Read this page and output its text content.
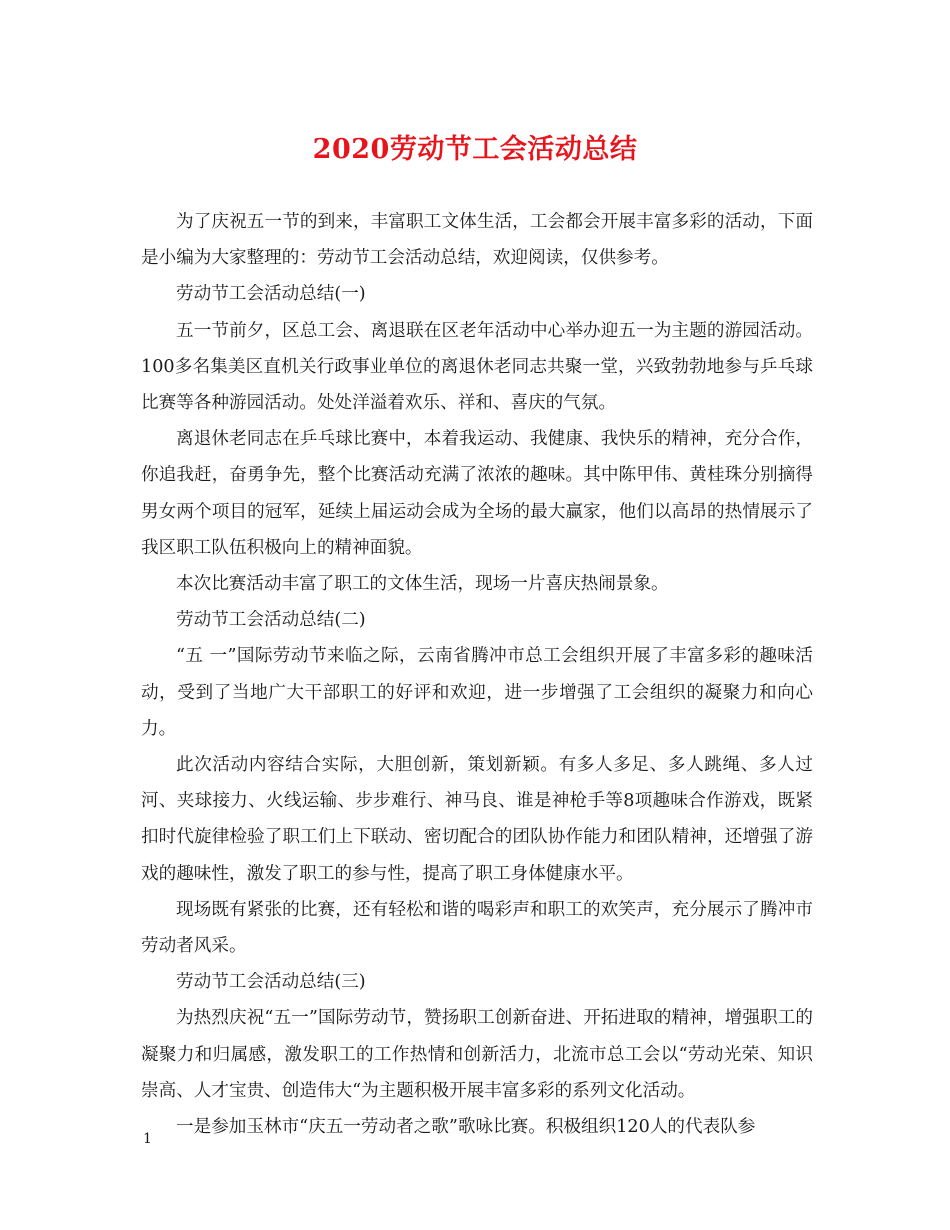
2020劳动节工会活动总结

为了庆祝五一节的到来，丰富职工文体生活，工会都会开展丰富多彩的活动，下面是小编为大家整理的：劳动节工会活动总结，欢迎阅读，仅供参考。

劳动节工会活动总结(一)

五一节前夕，区总工会、离退联在区老年活动中心举办迎五一为主题的游园活动。100多名集美区直机关行政事业单位的离退休老同志共聚一堂，兴致勃勃地参与乒乓球比赛等各种游园活动。处处洋溢着欢乐、祥和、喜庆的气氛。

离退休老同志在乒乓球比赛中，本着我运动、我健康、我快乐的精神，充分合作，你追我赶，奋勇争先，整个比赛活动充满了浓浓的趣味。其中陈甲伟、黄桂珠分别摘得男女两个项目的冠军，延续上届运动会成为全场的最大赢家，他们以高昂的热情展示了我区职工队伍积极向上的精神面貌。

本次比赛活动丰富了职工的文体生活，现场一片喜庆热闹景象。

劳动节工会活动总结(二)

“五 一”国际劳动节来临之际，云南省腾冲市总工会组织开展了丰富多彩的趣味活动，受到了当地广大干部职工的好评和欢迎，进一步增强了工会组织的凝聚力和向心力。

此次活动内容结合实际，大胆创新，策划新颖。有多人多足、多人跳绳、多人过河、夹球接力、火线运输、步步难行、神马良、谁是神枪手等8项趣味合作游戏，既紧扣时代旋律检验了职工们上下联动、密切配合的团队协作能力和团队精神，还增强了游戏的趣味性，激发了职工的参与性，提高了职工身体健康水平。

现场既有紧张的比赛，还有轻松和谐的喝彩声和职工的欢笑声，充分展示了腾冲市劳动者风采。

劳动节工会活动总结(三)

为热烈庆祝“五一”国际劳动节，赞扬职工创新奋进、开拓进取的精神，增强职工的凝聚力和归属感，激发职工的工作热情和创新活力，北流市总工会以“劳动光荣、知识崇高、人才宝贵、创造伟大“为主题积极开展丰富多彩的系列文化活动。

一是参加玉林市“庆五一劳动者之歌”歌咏比赛。积极组织120人的代表队参

1
